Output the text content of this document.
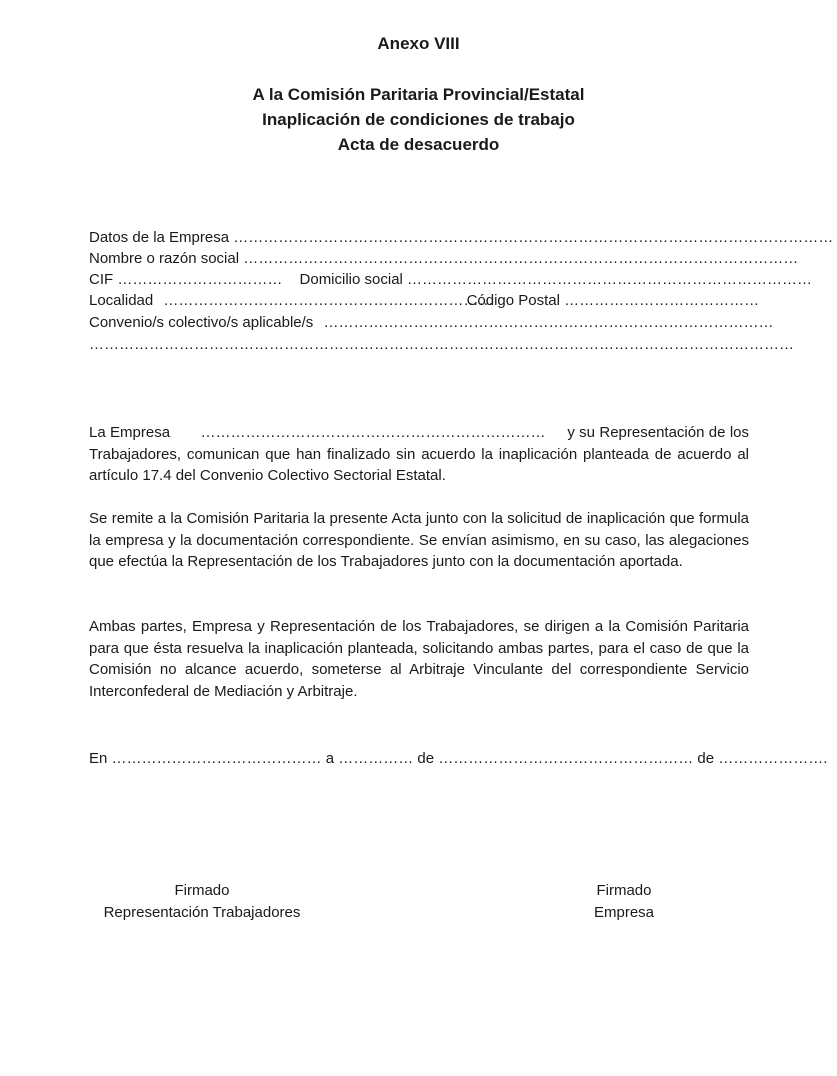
Anexo VIII
A la Comisión Paritaria Provincial/Estatal
Inaplicación de condiciones de trabajo
Acta de desacuerdo
Datos de la Empresa …………………………………………………………………………………………………………
Nombre o razón social …………………………………………………………………………………………………
CIF …………………………… Domicilio social ………………………………………………………………………
Localidad ………………………………………………………… Código Postal …………………………………
Convenio/s colectivo/s aplicable/s ………………………………………………………………………………
……………………………………………………………………………………………………………………………
La Empresa …………………………………………………………… y su Representación de los Trabajadores, comunican que han finalizado sin acuerdo la inaplicación planteada de acuerdo al artículo 17.4 del Convenio Colectivo Sectorial Estatal.
Se remite a la Comisión Paritaria la presente Acta junto con la solicitud de inaplicación que formula la empresa y la documentación correspondiente. Se envían asimismo, en su caso, las alegaciones que efectúa la Representación de los Trabajadores junto con la documentación aportada.
Ambas partes, Empresa y Representación de los Trabajadores, se dirigen a la Comisión Paritaria para que ésta resuelva la inaplicación planteada, solicitando ambas partes, para el caso de que la Comisión no alcance acuerdo, someterse al Arbitraje Vinculante del correspondiente Servicio Interconfederal de Mediación y Arbitraje.
En …………………………………… a …………… de …………………………………………… de ………………….
Firmado
Representación Trabajadores
Firmado
Empresa
